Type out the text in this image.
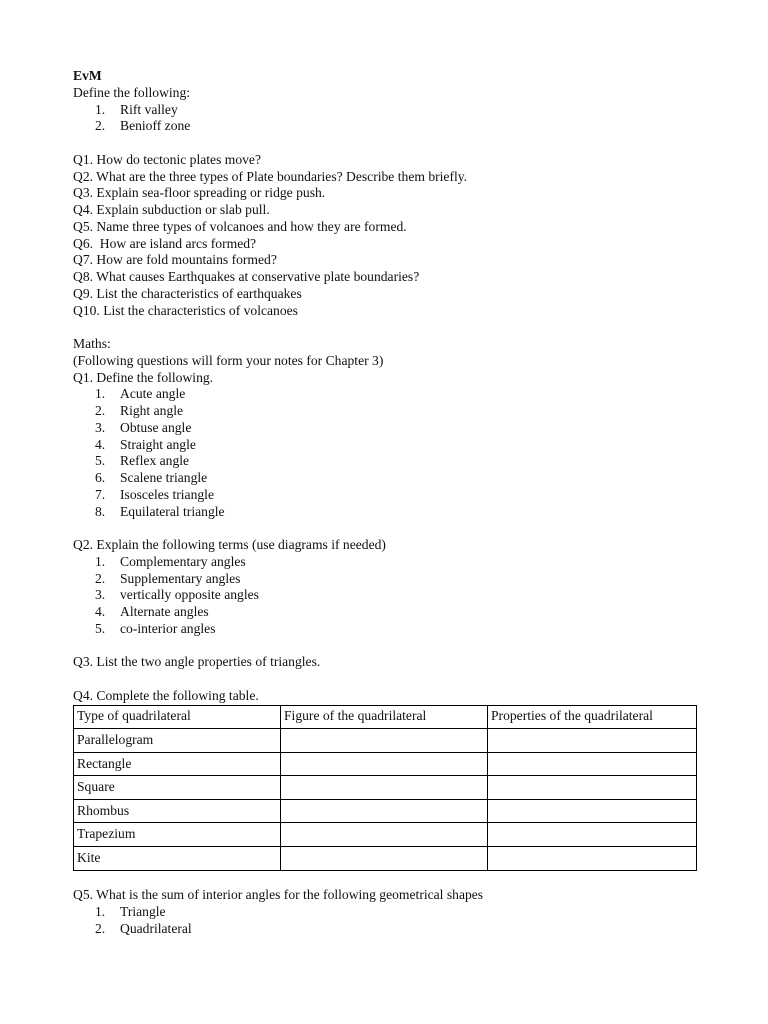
EvM
Define the following:
1. Rift valley
2. Benioff zone
Q1. How do tectonic plates move?
Q2. What are the three types of Plate boundaries? Describe them briefly.
Q3. Explain sea-floor spreading or ridge push.
Q4. Explain subduction or slab pull.
Q5. Name three types of volcanoes and how they are formed.
Q6.  How are island arcs formed?
Q7. How are fold mountains formed?
Q8. What causes Earthquakes at conservative plate boundaries?
Q9. List the characteristics of earthquakes
Q10. List the characteristics of volcanoes
Maths:
(Following questions will form your notes for Chapter 3)
Q1. Define the following.
1. Acute angle
2. Right angle
3. Obtuse angle
4. Straight angle
5. Reflex angle
6. Scalene triangle
7. Isosceles triangle
8. Equilateral triangle
Q2. Explain the following terms (use diagrams if needed)
1. Complementary angles
2. Supplementary angles
3. vertically opposite angles
4. Alternate angles
5. co-interior angles
Q3. List the two angle properties of triangles.
Q4. Complete the following table.
Type of quadrilateral	Figure of the quadrilateral	Properties of the quadrilateral
Parallelogram		
Rectangle		
Square		
Rhombus		
Trapezium		
Kite		
Q5. What is the sum of interior angles for the following geometrical shapes
1. Triangle
2. Quadrilateral
